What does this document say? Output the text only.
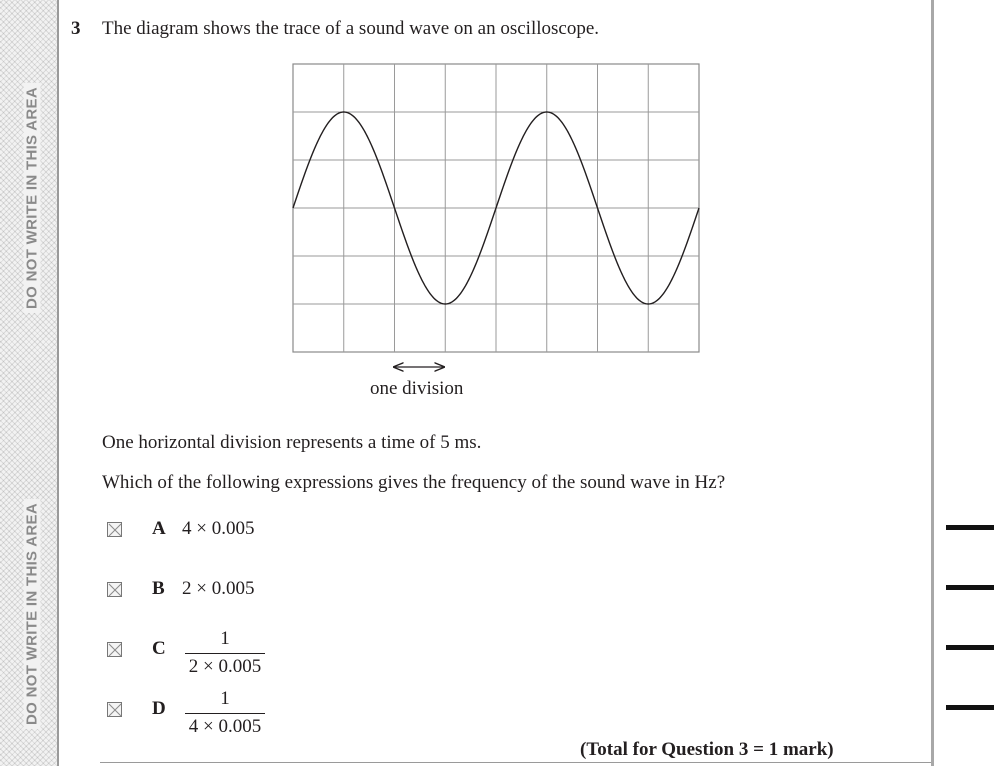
DO NOT WRITE IN THIS AREA
DO NOT WRITE IN THIS AREA
3 The diagram shows the trace of a sound wave on an oscilloscope.
one division
One horizontal division represents a time of 5 ms.
Which of the following expressions gives the frequency of the sound wave in Hz?
A 4 × 0.005
B 2 × 0.005
C	1
2 × 0.005
D	1
4 × 0.005
(Total for Question 3 = 1 mark)
